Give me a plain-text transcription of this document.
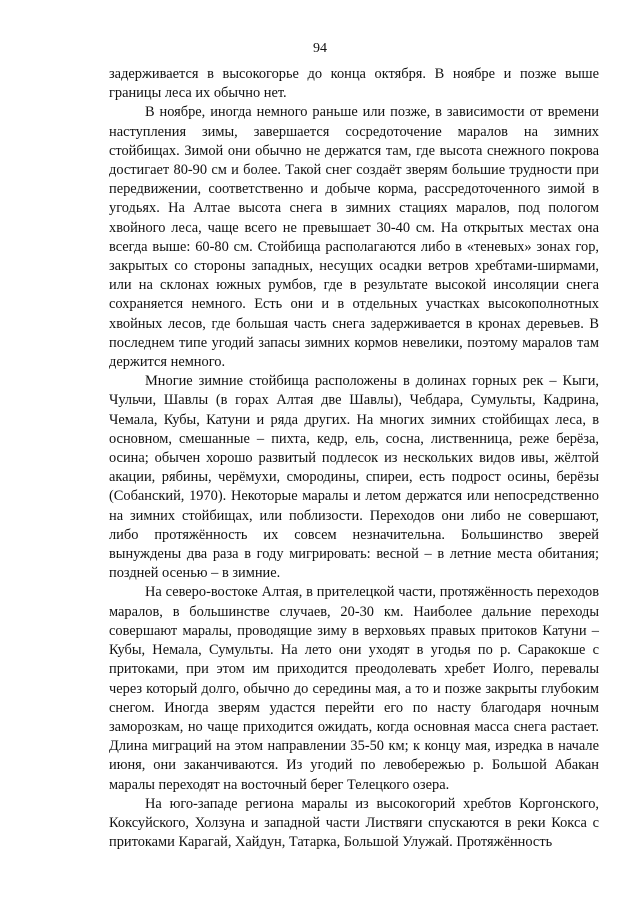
94

задерживается в высокогорье до конца октября. В ноябре и позже выше границы леса их обычно нет.

В ноябре, иногда немного раньше или позже, в зависимости от времени наступления зимы, завершается сосредоточение маралов на зимних стойбищах. Зимой они обычно не держатся там, где высота снежного покрова достигает 80-90 см и более. Такой снег создаёт зверям большие трудности при передвижении, соответственно и добыче корма, рассредоточенного зимой в угодьях. На Алтае высота снега в зимних стациях маралов, под пологом хвойного леса, чаще всего не превышает 30-40 см. На открытых местах она всегда выше: 60-80 см. Стойбища располагаются либо в «теневых» зонах гор, закрытых со стороны западных, несущих осадки ветров хребтами-ширмами, или на склонах южных румбов, где в результате высокой инсоляции снега сохраняется немного. Есть они и в отдельных участках высокополнотных хвойных лесов, где большая часть снега задерживается в кронах деревьев. В последнем типе угодий запасы зимних кормов невелики, поэтому маралов там держится немного.

Многие зимние стойбища расположены в долинах горных рек – Кыги, Чульчи, Шавлы (в горах Алтая две Шавлы), Чебдара, Сумульты, Кадрина, Чемала, Кубы, Катуни и ряда других. На многих зимних стойбищах леса, в основном, смешанные – пихта, кедр, ель, сосна, лиственница, реже берёза, осина; обычен хорошо развитый подлесок из нескольких видов ивы, жёлтой акации, рябины, черёмухи, смородины, спиреи, есть подрост осины, берёзы (Собанский, 1970). Некоторые маралы и летом держатся или непосредственно на зимних стойбищах, или поблизости. Переходов они либо не совершают, либо протяжённость их совсем незначительна. Большинство зверей вынуждены два раза в году мигрировать: весной – в летние места обитания; поздней осенью – в зимние.

На северо-востоке Алтая, в прителецкой части, протяжённость переходов маралов, в большинстве случаев, 20-30 км. Наиболее дальние переходы совершают маралы, проводящие зиму в верховьях правых притоков Катуни – Кубы, Немала, Сумульты. На лето они уходят в угодья по р. Саракокше с притоками, при этом им приходится преодолевать хребет Иолго, перевалы через который долго, обычно до середины мая, а то и позже закрыты глубоким снегом. Иногда зверям удастся перейти его по насту благодаря ночным заморозкам, но чаще приходится ожидать, когда основная масса снега растает. Длина миграций на этом направлении 35-50 км; к концу мая, изредка в начале июня, они заканчиваются. Из угодий по левобережью р. Большой Абакан маралы переходят на восточный берег Телецкого озера.

На юго-западе региона маралы из высокогорий хребтов Коргонского, Коксуйского, Холзуна и западной части Листвяги спускаются в реки Кокса с притоками Карагай, Хайдун, Татарка, Большой Улужай. Протяжённость
